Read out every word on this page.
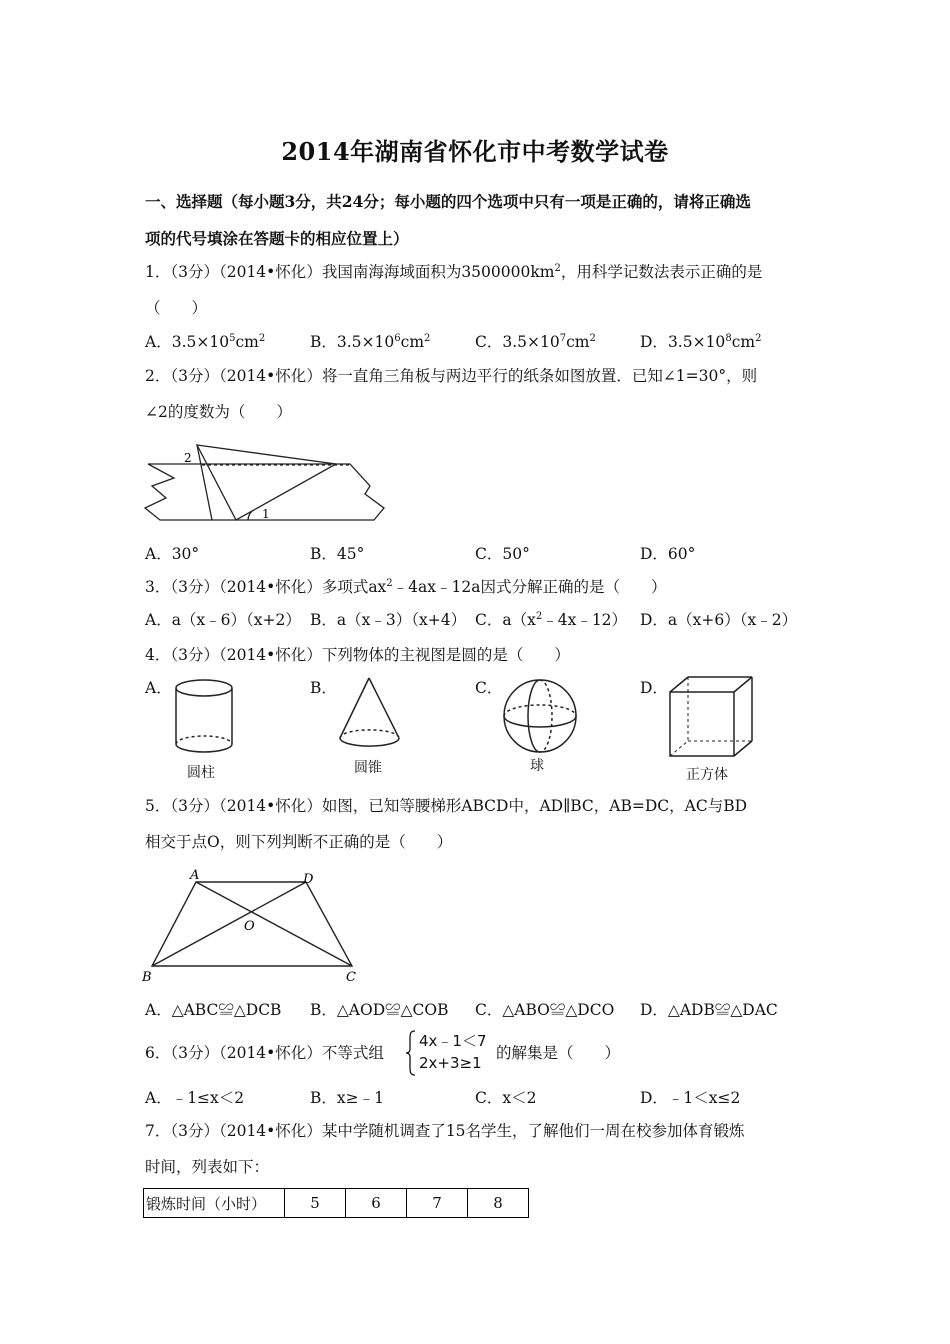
2014年湖南省怀化市中考数学试卷
一、选择题（每小题3分，共24分；每小题的四个选项中只有一项是正确的，请将正确选
项的代号填涂在答题卡的相应位置上）
1．（3分）（2014•怀化）我国南海海域面积为$3500000km^2$，用科学记数法表示正确的是
（　　）
A．$3.5\times 10^5cm^2$	B．$3.5\times 10^6cm^2$	C．$3.5\times 10^7cm^2$	D．$3.5\times 10^8cm^2$
2．（3分）（2014•怀化）将一直角三角板与两边平行的纸条如图放置．已知∠1=30°，则
∠2的度数为（　　）
2
1
A．30°	B．45°	C．50°	D．60°
3．（3分）（2014•怀化）多项式$ax^2﹣4ax﹣12a$因式分解正确的是（　　）
A．a（x﹣6）（x+2） B．a（x﹣3）（x+4） C．$a(x^2﹣4x﹣12)$ D．a（x+6）（x﹣2）
4．（3分）（2014•怀化）下列物体的主视图是圆的是（　　）
A．	B．	C．	D．
圆柱	圆锥	球
正方体
5．（3分）（2014•怀化）如图，已知等腰梯形ABCD中，AD∥BC，AB=DC，AC与BD
相交于点O，则下列判断不正确的是（　　）
A	D
O
B	C
A．△ABC≌△DCB B．△AOD≌△COB C．△ABO≌△DCO D．△ADB≌△DAC
6．（3分）（2014•怀化）不等式组
4x﹣1＜7
2x+3≥1
的解集是（　　）
A．﹣1≤x＜2	B．x≥﹣1	C．x＜2	D．﹣1＜x≤2
7．（3分）（2014•怀化）某中学随机调查了15名学生，了解他们一周在校参加体育锻炼
时间，列表如下：
锻炼时间（小时）	5	6	7	8
